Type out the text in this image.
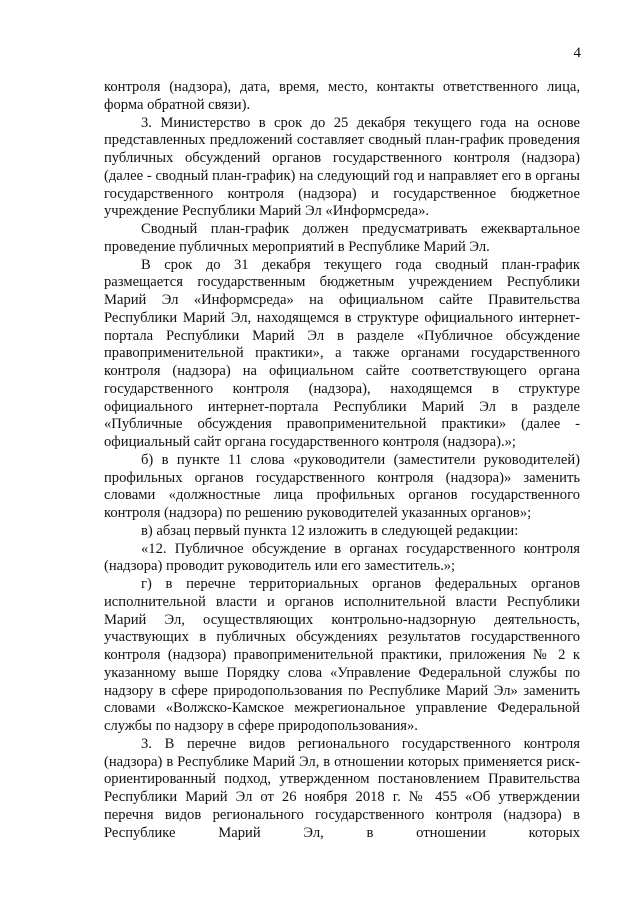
4

контроля (надзора), дата, время, место, контакты ответственного лица, форма обратной связи).

3. Министерство в срок до 25 декабря текущего года на основе представленных предложений составляет сводный план-график проведения публичных обсуждений органов государственного контроля (надзора) (далее - сводный план-график) на следующий год и направляет его в органы государственного контроля (надзора) и государственное бюджетное учреждение Республики Марий Эл «Информсреда».

Сводный план-график должен предусматривать ежеквартальное проведение публичных мероприятий в Республике Марий Эл.

В срок до 31 декабря текущего года сводный план-график размещается государственным бюджетным учреждением Республики Марий Эл «Информсреда» на официальном сайте Правительства Республики Марий Эл, находящемся в структуре официального интернет-портала Республики Марий Эл в разделе «Публичное обсуждение правоприменительной практики», а также органами государственного контроля (надзора) на официальном сайте соответствующего органа государственного контроля (надзора), находящемся в структуре официального интернет-портала Республики Марий Эл в разделе «Публичные обсуждения правоприменительной практики» (далее - официальный сайт органа государственного контроля (надзора).»;

б) в пункте 11 слова «руководители (заместители руководителей) профильных органов государственного контроля (надзора)» заменить словами «должностные лица профильных органов государственного контроля (надзора) по решению руководителей указанных органов»;

в) абзац первый пункта 12 изложить в следующей редакции:

«12. Публичное обсуждение в органах государственного контроля (надзора) проводит руководитель или его заместитель.»;

г) в перечне территориальных органов федеральных органов исполнительной власти и органов исполнительной власти Республики Марий Эл, осуществляющих контрольно-надзорную деятельность, участвующих в публичных обсуждениях результатов государственного контроля (надзора) правоприменительной практики, приложения № 2 к указанному выше Порядку слова «Управление Федеральной службы по надзору в сфере природопользования по Республике Марий Эл» заменить словами «Волжско-Камское межрегиональное управление Федеральной службы по надзору в сфере природопользования».

3. В перечне видов регионального государственного контроля (надзора) в Республике Марий Эл, в отношении которых применяется риск-ориентированный подход, утвержденном постановлением Правительства Республики Марий Эл от 26 ноября 2018 г. № 455 «Об утверждении перечня видов регионального государственного контроля (надзора) в Республике Марий Эл, в отношении которых
